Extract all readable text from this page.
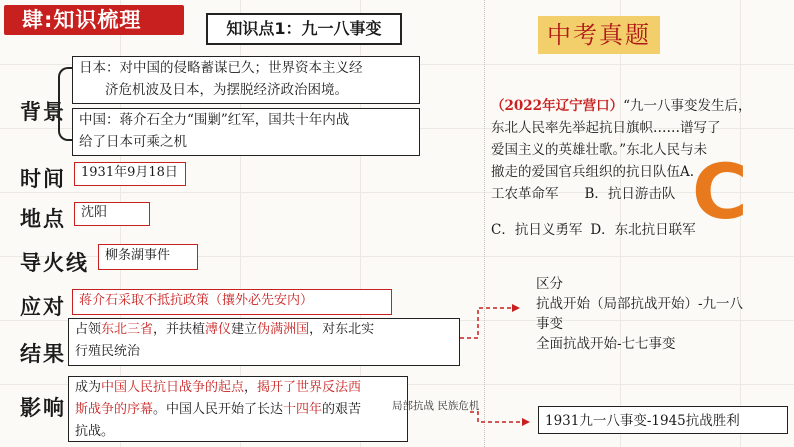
肆:知识梳理	知识点1：九一八事变	中考真题
背景
日本：对中国的侵略蓄谋已久；世界资本主义经
济危机波及日本，为摆脱经济政治困境。
中国：蒋介石全力“围剿”红军，国共十年内战
给了日本可乘之机
时间	1931年9月18日
地点	沈阳
导火线	柳条湖事件
应对	蒋介石采取不抵抗政策（攘外必先安内）
结果
占领东北三省，并扶植溥仪建立伪满洲国，对东北实
行殖民统治
影响
成为中国人民抗日战争的起点，揭开了世界反法西
斯战争的序幕。中国人民开始了长达十四年的艰苦
抗战。
局部抗战 民族危机
（2022年辽宁营口）“九一八事变发生后，
东北人民率先举起抗日旗帜……谱写了
爱国主义的英雄壮歌。”东北人民与未
撤走的爱国官兵组织的抗日队伍A.
工农革命军 B．抗日游击队
C．抗日义勇军 D．东北抗日联军
C
区分
抗战开始（局部抗战开始）-九一八
事变
全面抗战开始-七七事变
1931九一八事变-1945抗战胜利
